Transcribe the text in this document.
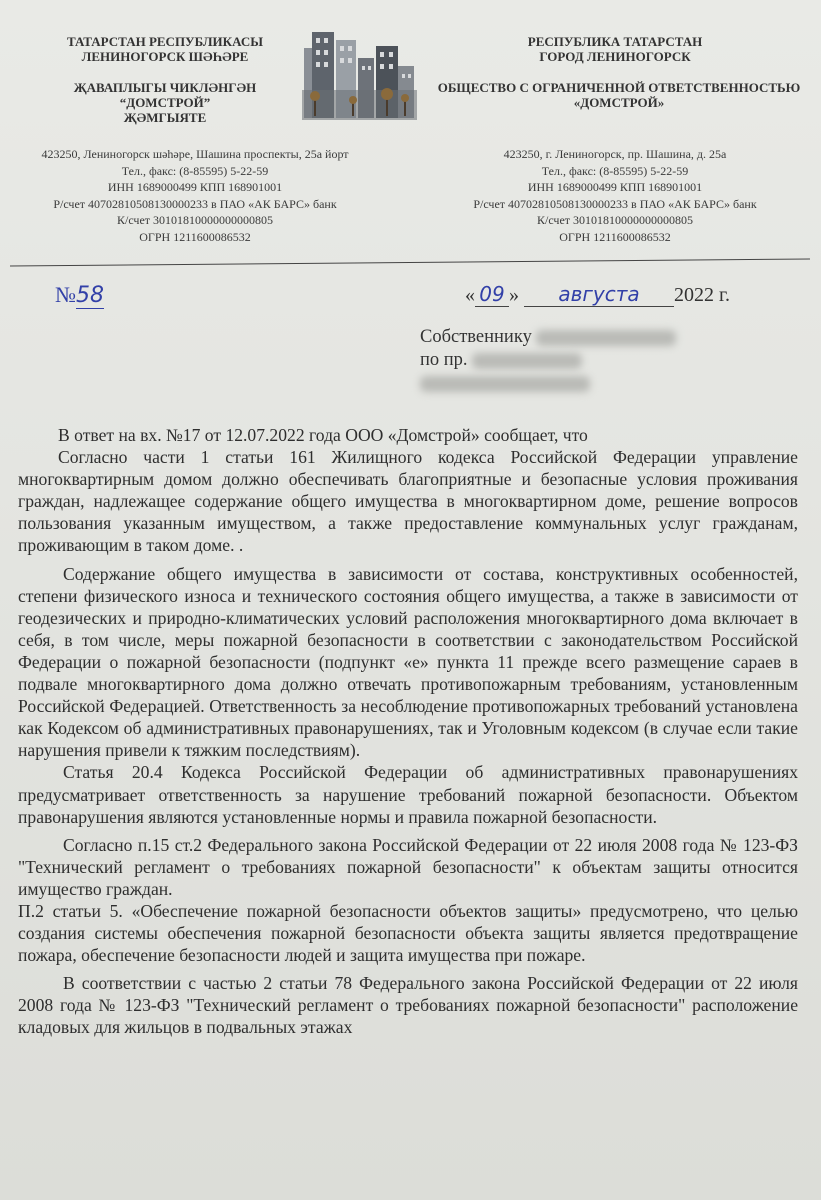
ТАТАРСТАН РЕСПУБЛИКАСЫ
ЛЕНИНОГОРСК ШӘҺӘРЕ
ҖАВАПЛЫГЫ ЧИКЛӘНГӘН
“ДОМСТРОЙ”
ҖӘМГЫЯТЕ
423250, Лениногорск шәһәре, Шашина проспекты, 25а йорт
Тел., факс: (8-85595) 5-22-59
ИНН 1689000499 КПП 168901001
Р/счет 40702810508130000233 в ПАО «АК БАРС» банк
К/счет 30101810000000000805
ОГРН 1211600086532
РЕСПУБЛИКА ТАТАРСТАН
ГОРОД ЛЕНИНОГОРСК
ОБЩЕСТВО С ОГРАНИЧЕННОЙ ОТВЕТСТВЕННОСТЬЮ
«ДОМСТРОЙ»
423250, г. Лениногорск, пр. Шашина, д. 25а
Тел., факс: (8-85595) 5-22-59
ИНН 1689000499 КПП 168901001
Р/счет 40702810508130000233 в ПАО «АК БАРС» банк
К/счет 30101810000000000805
ОГРН 1211600086532
№58	« 09 » августа 2022 г.
Собственнику
по пр.

В ответ на вх. №17 от 12.07.2022 года ООО «Домстрой» сообщает, что

Согласно части 1 статьи 161 Жилищного кодекса Российской Федерации управление многоквартирным домом должно обеспечивать благоприятные и безопасные условия проживания граждан, надлежащее содержание общего имущества в многоквартирном доме, решение вопросов пользования указанным имуществом, а также предоставление коммунальных услуг гражданам, проживающим в таком доме. .

Содержание общего имущества в зависимости от состава, конструктивных особенностей, степени физического износа и технического состояния общего имущества, а также в зависимости от геодезических и природно-климатических условий расположения многоквартирного дома включает в себя, в том числе, меры пожарной безопасности в соответствии с законодательством Российской Федерации о пожарной безопасности (подпункт «е» пункта 11 прежде всего размещение сараев в подвале многоквартирного дома должно отвечать противопожарным требованиям, установленным Российской Федерацией. Ответственность за несоблюдение противопожарных требований установлена как Кодексом об административных правонарушениях, так и Уголовным кодексом (в случае если такие нарушения привели к тяжким последствиям).

Статья 20.4 Кодекса Российской Федерации об административных правонарушениях предусматривает ответственность за нарушение требований пожарной безопасности. Объектом правонарушения являются установленные нормы и правила пожарной безопасности.

Согласно п.15 ст.2 Федерального закона Российской Федерации от 22 июля 2008 года № 123-ФЗ "Технический регламент о требованиях пожарной безопасности" к объектам защиты относится имущество граждан.

П.2 статьи 5. «Обеспечение пожарной безопасности объектов защиты» предусмотрено, что целью создания системы обеспечения пожарной безопасности объекта защиты является предотвращение пожара, обеспечение безопасности людей и защита имущества при пожаре.

В соответствии с частью 2 статьи 78 Федерального закона Российской Федерации от 22 июля 2008 года № 123-ФЗ "Технический регламент о требованиях пожарной безопасности" расположение кладовых для жильцов в подвальных этажах
